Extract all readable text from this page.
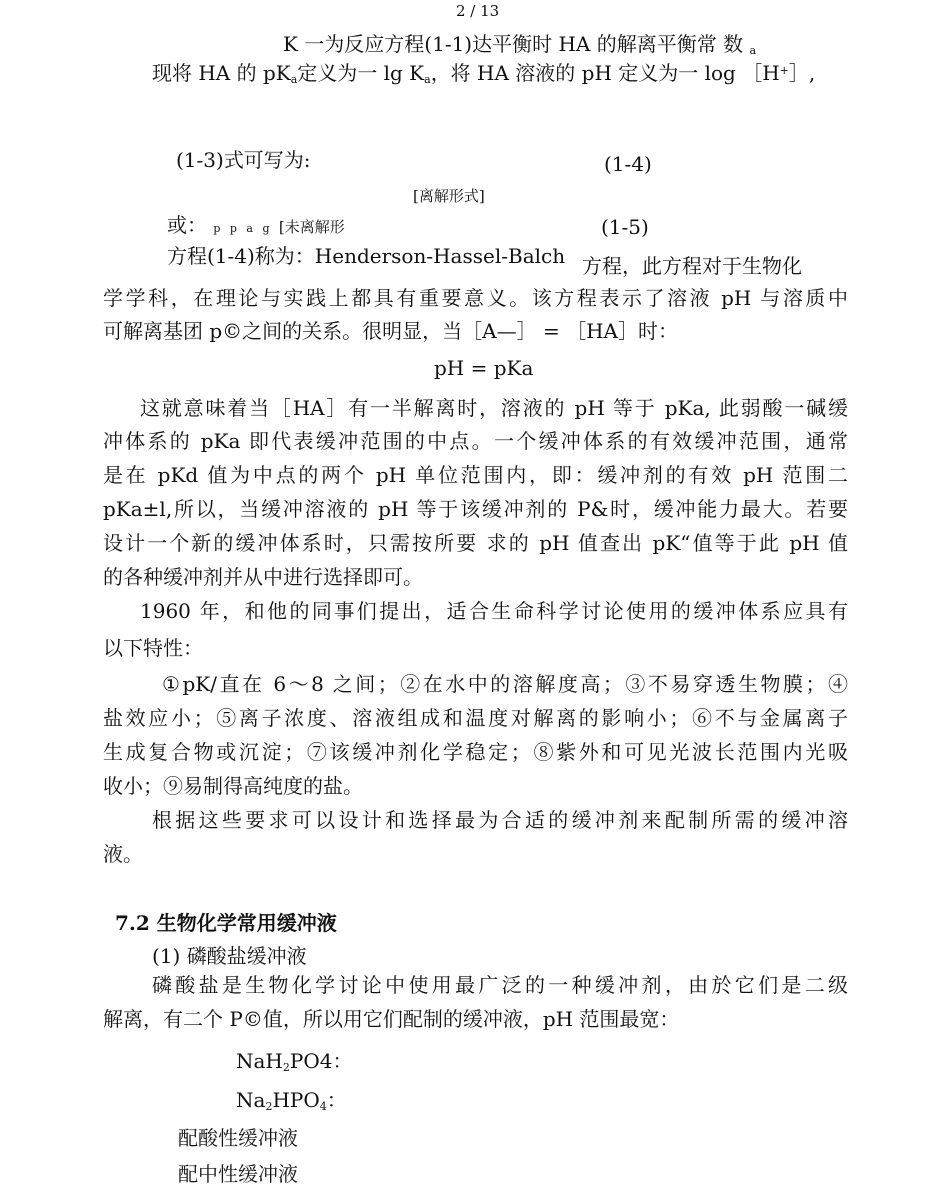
2 / 13
K 一为反应方程(1-1)达平衡时 HA 的解离平衡常 数 $_a$
现将 HA 的 $pK_a$定义为一 $\lg K_a$，将 HA 溶液的 pH 定义为一 log ［H+］,
(1-3)式可写为:	(1-4)
[离解形式]
或： p p a g [未离解形	(1-5)
方程(1-4)称为：Henderson-Hassel-Balch 方程，此方程对于生物化
学学科，在理论与实践上都具有重要意义。该方程表示了溶液 pH 与溶质中
可解离基团 p©之间的关系。很明显，当［A—］ = ［HA］时：
pH = pKa
这就意味着当［HA］有一半解离时，溶液的 pH 等于 pKa, 此弱酸一碱缓
冲体系的 pKa 即代表缓冲范围的中点。一个缓冲体系的有效缓冲范围，通常
是在 pKd 值为中点的两个 pH 单位范围内，即：缓冲剂的有效 pH 范围二
pKa±l,所以，当缓冲溶液的 pH 等于该缓冲剂的 P&时，缓冲能力最大。若要
设计一个新的缓冲体系时，只需按所要 求的 pH 值查出 pK“值等于此 pH 值
的各种缓冲剂并从中进行选择即可。
1960 年，和他的同事们提出，适合生命科学讨论使用的缓冲体系应具有
以下特性：
①pK/直在 6〜8 之间；②在水中的溶解度高；③不易穿透生物膜；④
盐效应小；⑤离子浓度、溶液组成和温度对解离的影响小；⑥不与金属离子
生成复合物或沉淀；⑦该缓冲剂化学稳定；⑧紫外和可见光波长范围内光吸
收小；⑨易制得高纯度的盐。
根据这些要求可以设计和选择最为合适的缓冲剂来配制所需的缓冲溶
液。
7.2 生物化学常用缓冲液
(1) 磷酸盐缓冲液
磷酸盐是生物化学讨论中使用最广泛的一种缓冲剂，由於它们是二级
解离，有二个 P©值，所以用它们配制的缓冲液，pH 范围最宽：
NaH$_2$PO4：
$Na_2HPO_4$：
配酸性缓冲液
配中性缓冲液
